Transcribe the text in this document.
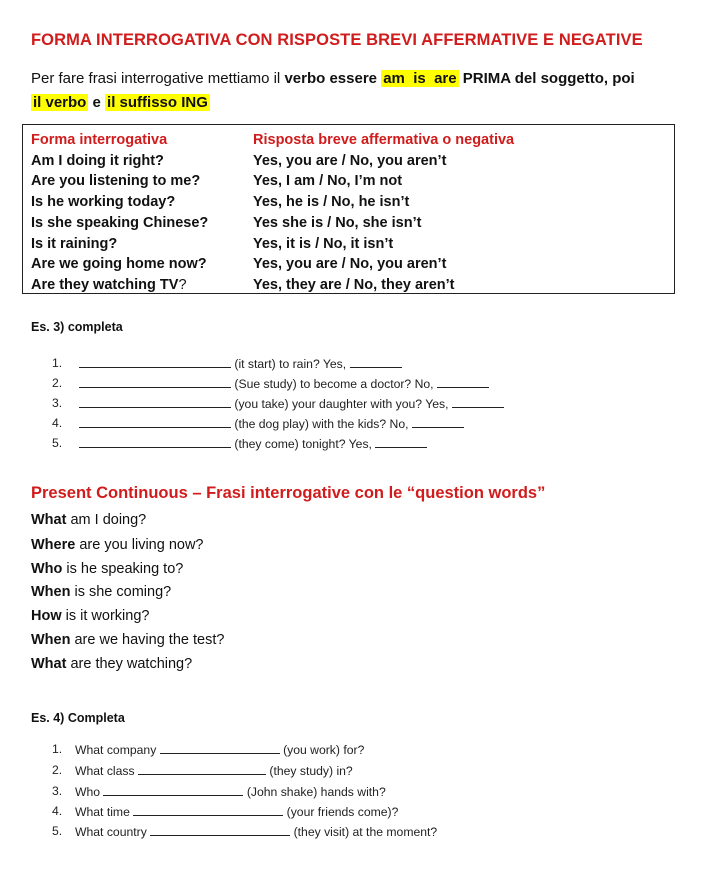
FORMA INTERROGATIVA CON RISPOSTE BREVI AFFERMATIVE E NEGATIVE
Per fare frasi interrogative mettiamo il verbo essere am is are PRIMA del soggetto, poi
il verbo e il suffisso ING
Forma interrogativa	Risposta breve affermativa o negativa
Am I doing it right?	Yes, you are / No, you aren’t
Are you listening to me?	Yes, I am / No, I’m not
Is he working today?	Yes, he is / No, he isn’t
Is she speaking Chinese?	Yes she is / No, she isn’t
Is it raining?	Yes, it is / No, it isn’t
Are we going home now?	Yes, you are / No, you aren’t
Are they watching TV?	Yes, they are / No, they aren’t
Es. 3) completa
1.	(it start) to rain? Yes,
2.	(Sue study) to become a doctor? No,
3.	(you take) your daughter with you? Yes,
4.	(the dog play) with the kids? No,
5.	(they come) tonight? Yes,
Present Continuous – Frasi interrogative con le “question words”
What am I doing?
Where are you living now?
Who is he speaking to?
When is she coming?
How is it working?
When are we having the test?
What are they watching?
Es. 4) Completa
1. What company	(you work) for?
2. What class	(they study) in?
3. Who	(John shake) hands with?
4. What time	(your friends come)?
5. What country	(they visit) at the moment?
